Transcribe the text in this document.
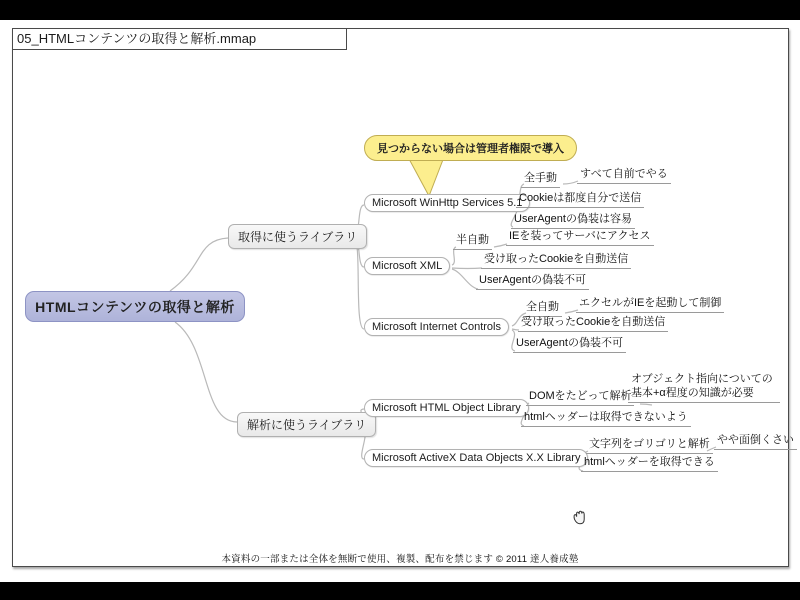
05_HTMLコンテンツの取得と解析.mmap
HTMLコンテンツの取得と解析
見つからない場合は管理者権限で導入
取得に使うライブラリ
解析に使うライブラリ
Microsoft WinHttp Services 5.1
Microsoft XML
Microsoft Internet Controls
Microsoft HTML Object Library
Microsoft ActiveX Data Objects X.X Library
全手動 すべて自前でやる
Cookieは都度自分で送信
UserAgentの偽装は容易
半自動 IEを装ってサーバにアクセス
受け取ったCookieを自動送信
UserAgentの偽装不可
全自動 エクセルがIEを起動して制御
受け取ったCookieを自動送信
UserAgentの偽装不可
DOMをたどって解析
オブジェクト指向についての基本+α程度の知識が必要
htmlヘッダーは取得できないよう
文字列をゴリゴリと解析 やや面倒くさい
htmlヘッダーを取得できる
本資料の一部または全体を無断で使用、複製、配布を禁じます © 2011 達人養成塾
